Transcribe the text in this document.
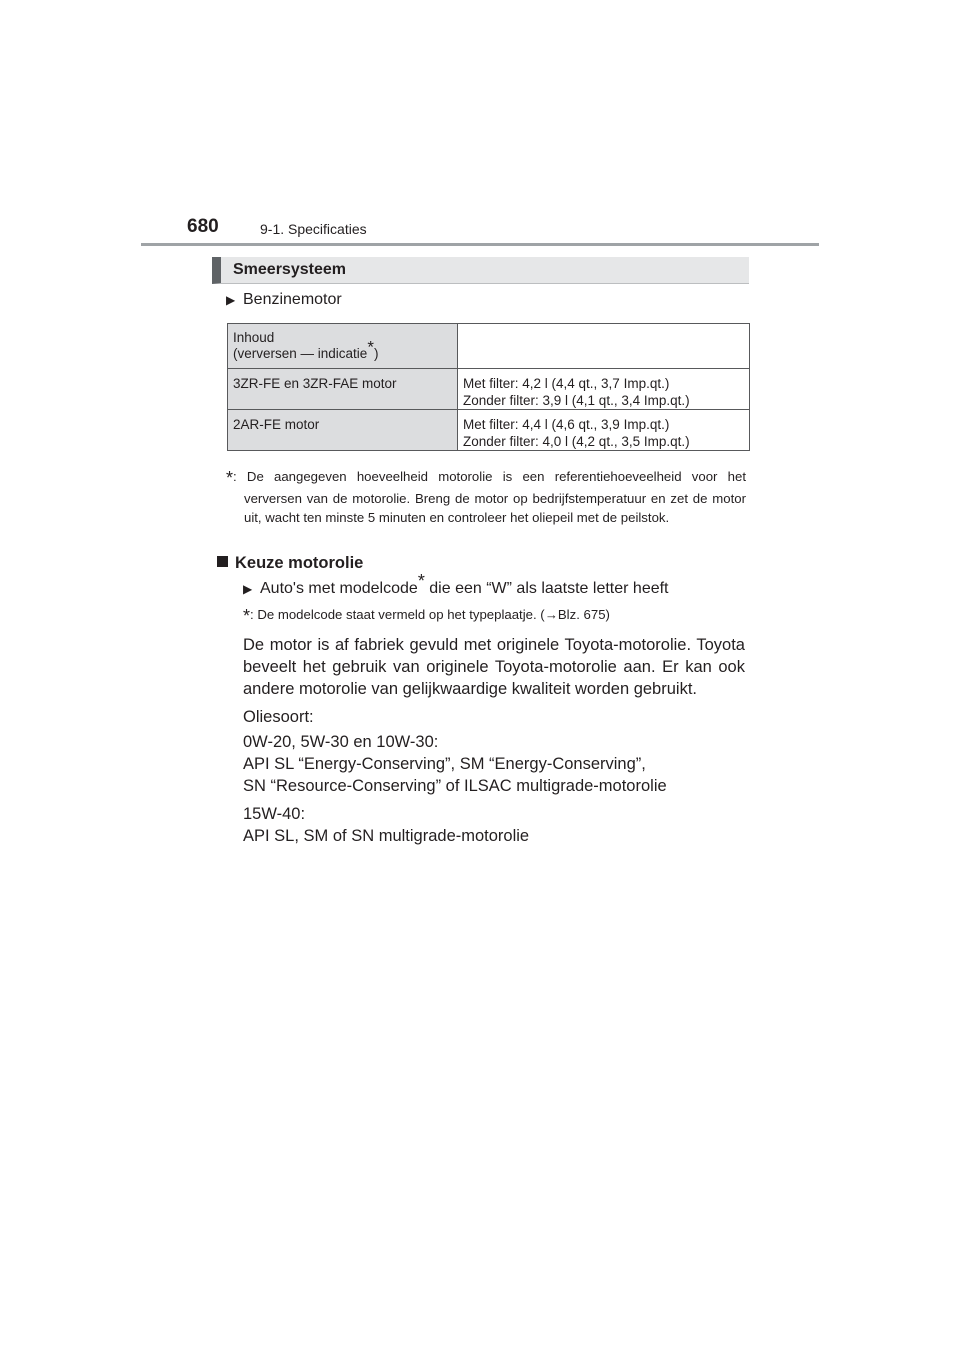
680	9-1. Specificaties
Smeersysteem
▶ Benzinemotor
Inhoud
(verversen — indicatie*)	

3ZR-FE en 3ZR-FAE motor	Met filter: 4,2 l (4,4 qt., 3,7 Imp.qt.)
Zonder filter: 3,9 l (4,1 qt., 3,4 Imp.qt.)

2AR-FE motor	Met filter: 4,4 l (4,6 qt., 3,9 Imp.qt.)
Zonder filter: 4,0 l (4,2 qt., 3,5 Imp.qt.)
*: De aangegeven hoeveelheid motorolie is een referentiehoeveelheid voor het verversen van de motorolie. Breng de motor op bedrijfstemperatuur en zet de motor uit, wacht ten minste 5 minuten en controleer het oliepeil met de peilstok.
Keuze motorolie
▶ Auto's met modelcode* die een “W” als laatste letter heeft
*: De modelcode staat vermeld op het typeplaatje. (→Blz. 675)
De motor is af fabriek gevuld met originele Toyota-motorolie. Toyota beveelt het gebruik van originele Toyota-motorolie aan. Er kan ook andere motorolie van gelijkwaardige kwaliteit worden gebruikt.
Oliesoort:
0W-20, 5W-30 en 10W-30:
API SL “Energy-Conserving”, SM “Energy-Conserving”,
SN “Resource-Conserving” of ILSAC multigrade-motorolie
15W-40:
API SL, SM of SN multigrade-motorolie
